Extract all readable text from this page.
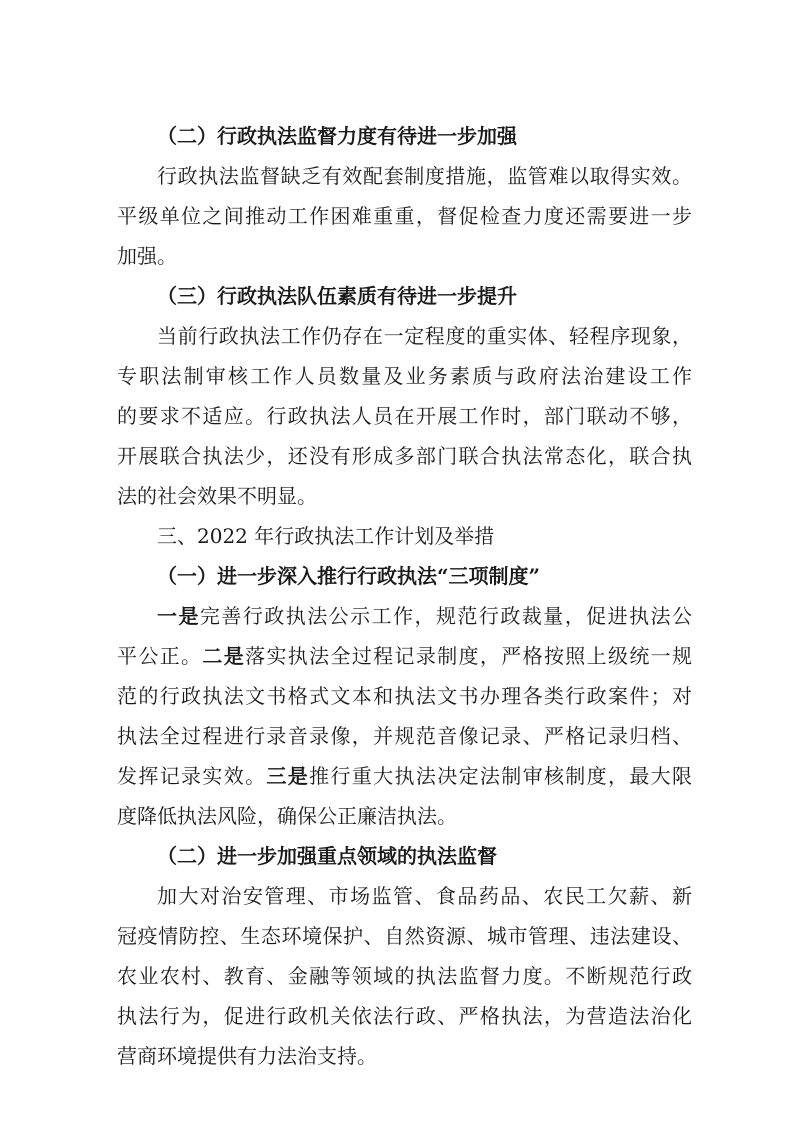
（二）行政执法监督力度有待进一步加强
行政执法监督缺乏有效配套制度措施，监管难以取得实效。
平级单位之间推动工作困难重重，督促检查力度还需要进一步
加强。
（三）行政执法队伍素质有待进一步提升
当前行政执法工作仍存在一定程度的重实体、轻程序现象，
专职法制审核工作人员数量及业务素质与政府法治建设工作
的要求不适应。行政执法人员在开展工作时，部门联动不够，
开展联合执法少，还没有形成多部门联合执法常态化，联合执
法的社会效果不明显。
三、2022 年行政执法工作计划及举措
（一）进一步深入推行行政执法“三项制度”
一是完善行政执法公示工作，规范行政裁量，促进执法公
平公正。二是落实执法全过程记录制度，严格按照上级统一规
范的行政执法文书格式文本和执法文书办理各类行政案件；对
执法全过程进行录音录像，并规范音像记录、严格记录归档、
发挥记录实效。三是推行重大执法决定法制审核制度，最大限
度降低执法风险，确保公正廉洁执法。
（二）进一步加强重点领域的执法监督
加大对治安管理、市场监管、食品药品、农民工欠薪、新
冠疫情防控、生态环境保护、自然资源、城市管理、违法建设、
农业农村、教育、金融等领域的执法监督力度。不断规范行政
执法行为，促进行政机关依法行政、严格执法，为营造法治化
营商环境提供有力法治支持。
